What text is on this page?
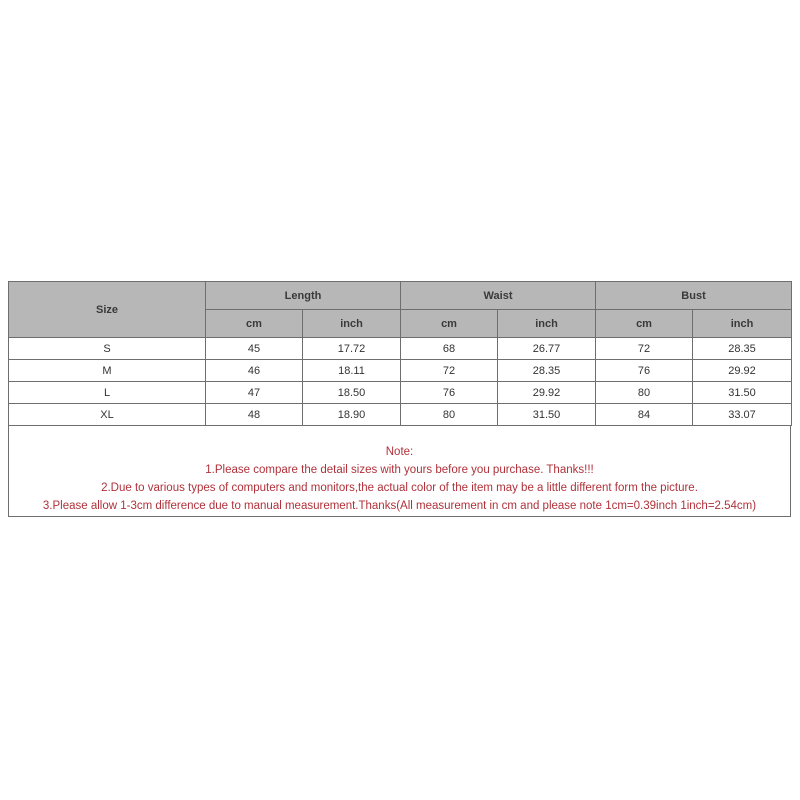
Size	Length		Waist		Bust	
	cm	inch	cm	inch	cm	inch
S	45	17.72	68	26.77	72	28.35
M	46	18.11	72	28.35	76	29.92
L	47	18.50	76	29.92	80	31.50
XL	48	18.90	80	31.50	84	33.07
Note:
1.Please compare the detail sizes with yours before you purchase. Thanks!!!
2.Due to various types of computers and monitors,the actual color of the item may be a little different form the picture.
3.Please allow 1-3cm difference due to manual measurement.Thanks(All measurement in cm and please note 1cm=0.39inch 1inch=2.54cm)
